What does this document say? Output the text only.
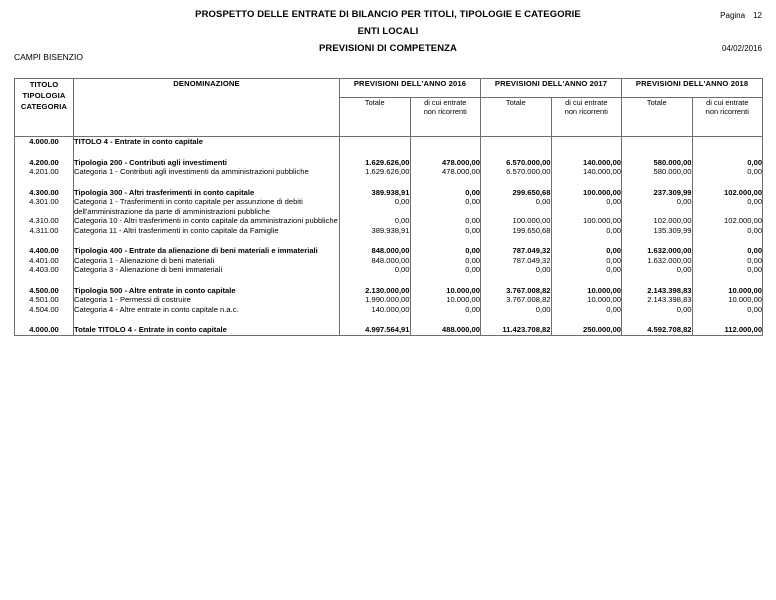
PROSPETTO DELLE ENTRATE DI BILANCIO PER TITOLI, TIPOLOGIE E CATEGORIE
ENTI LOCALI
PREVISIONI DI COMPETENZA
Pagina 12
04/02/2016
CAMPI BISENZIO
TITOLO
TIPOLOGIA
CATEGORIA	DENOMINAZIONE	PREVISIONI DELL'ANNO 2016		PREVISIONI DELL'ANNO 2017		PREVISIONI DELL'ANNO 2018	
Totale	di cui entrate
non ricorrenti
	Totale	di cui entrate
non ricorrenti
	Totale	di cui entrate
non ricorrenti

4.000.00	TITOLO 4 - Entrate in conto capitale						

4.200.00	Tipologia 200 - Contributi agli investimenti	1.629.626,00	478.000,00	6.570.000,00	140.000,00	580.000,00	0,00
4.201.00	Categoria 1 - Contributi agli investimenti da amministrazioni pubbliche	1.629.626,00	478.000,00	6.570.000,00	140.000,00	580.000,00	0,00

4.300.00	Tipologia 300 - Altri trasferimenti in conto capitale	389.938,91	0,00	299.650,68	100.000,00	237.309,99	102.000,00
4.301.00	Categoria 1 - Trasferimenti in conto capitale per assunzione di debiti dell'amministrazione da parte di amministrazioni pubbliche	0,00	0,00	0,00	0,00	0,00	0,00
4.310.00	Categoria 10 - Altri trasferimenti in conto capitale da amministrazioni pubbliche	0,00	0,00	100.000,00	100.000,00	102.000,00	102.000,00
4.311.00	Categoria 11 - Altri trasferimenti in conto capitale da Famiglie	389.938,91	0,00	199.650,68	0,00	135.309,99	0,00

4.400.00	Tipologia 400 - Entrate da alienazione di beni materiali e immateriali	848.000,00	0,00	787.049,32	0,00	1.632.000,00	0,00
4.401.00	Categoria 1 - Alienazione di beni materiali	848.000,00	0,00	787.049,32	0,00	1.632.000,00	0,00
4.403.00	Categoria 3 - Alienazione di beni immateriali	0,00	0,00	0,00	0,00	0,00	0,00

4.500.00	Tipologia 500 - Altre entrate in conto capitale	2.130.000,00	10.000,00	3.767.008,82	10.000,00	2.143.398,83	10.000,00
4.501.00	Categoria 1 - Permessi di costruire	1.990.000,00	10.000,00	3.767.008,82	10.000,00	2.143.398,83	10.000,00
4.504.00	Categoria 4 - Altre entrate in conto capitale n.a.c.	140.000,00	0,00	0,00	0,00	0,00	0,00

4.000.00	Totale TITOLO 4 - Entrate in conto capitale	4.997.564,91	488.000,00	11.423.708,82	250.000,00	4.592.708,82	112.000,00
